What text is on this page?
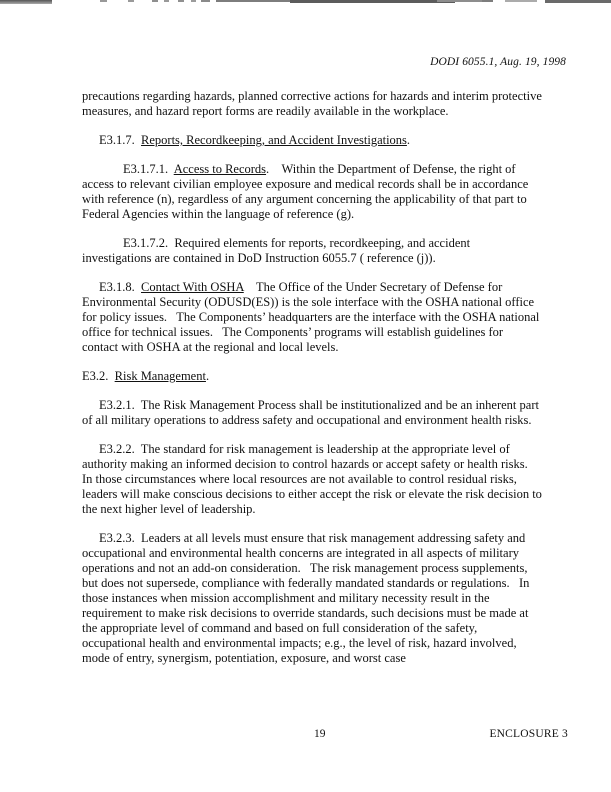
DODI 6055.1, Aug. 19, 1998

precautions regarding hazards, planned corrective actions for hazards and interim protective measures, and hazard report forms are readily available in the workplace.

E3.1.7.  Reports, Recordkeeping, and Accident Investigations.

E3.1.7.1.  Access to Records.    Within the Department of Defense, the right of access to relevant civilian employee exposure and medical records shall be in accordance with reference (n), regardless of any argument concerning the applicability of that part to Federal Agencies within the language of reference (g).

E3.1.7.2.  Required elements for reports, recordkeeping, and accident investigations are contained in DoD Instruction 6055.7 ( reference (j)).

E3.1.8.  Contact With OSHA The Office of the Under Secretary of Defense for Environmental Security (ODUSD(ES)) is the sole interface with the OSHA national office for policy issues.   The Components’ headquarters are the interface with the OSHA national office for technical issues.   The Components’ programs will establish guidelines for contact with OSHA at the regional and local levels.

E3.2.  Risk Management.

E3.2.1.  The Risk Management Process shall be institutionalized and be an inherent part of all military operations to address safety and occupational and environment health risks.

E3.2.2.  The standard for risk management is leadership at the appropriate level of authority making an informed decision to control hazards or accept safety or health risks.   In those circumstances where local resources are not available to control residual risks, leaders will make conscious decisions to either accept the risk or elevate the risk decision to the next higher level of leadership.

E3.2.3.  Leaders at all levels must ensure that risk management addressing safety and occupational and environmental health concerns are integrated in all aspects of military operations and not an add-on consideration.   The risk management process supplements, but does not supersede, compliance with federally mandated standards or regulations.   In those instances when mission accomplishment and military necessity result in the requirement to make risk decisions to override standards, such decisions must be made at the appropriate level of command and based on full consideration of the safety, occupational health and environmental impacts; e.g., the level of risk, hazard involved, mode of entry, synergism, potentiation, exposure, and worst case

19	ENCLOSURE 3
